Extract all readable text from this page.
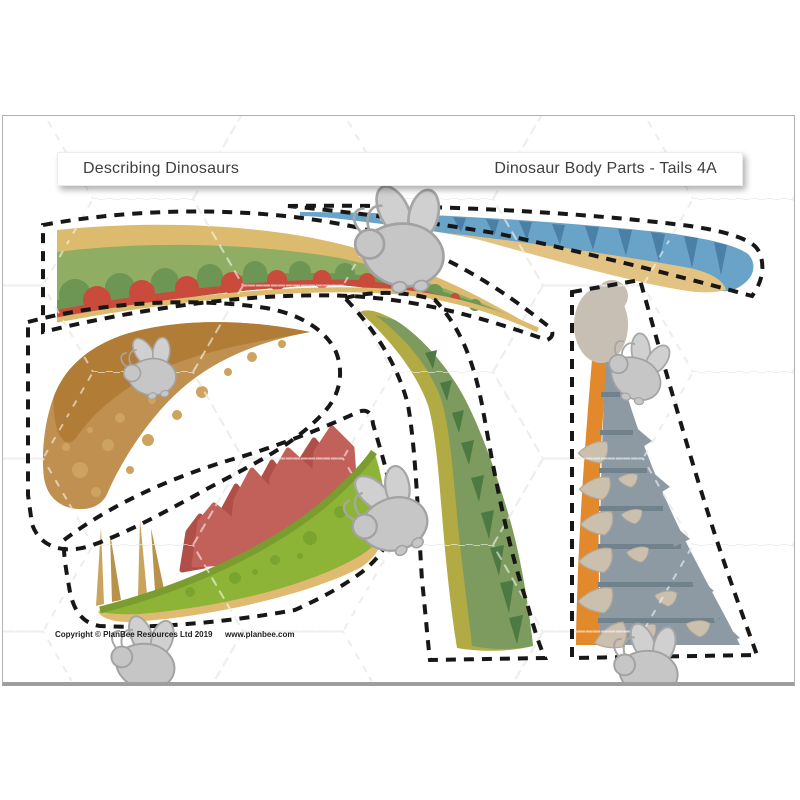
Describing Dinosaurs	Dinosaur Body Parts - Tails 4A
Copyright © PlanBee Resources Ltd 2019 www.planbee.com
